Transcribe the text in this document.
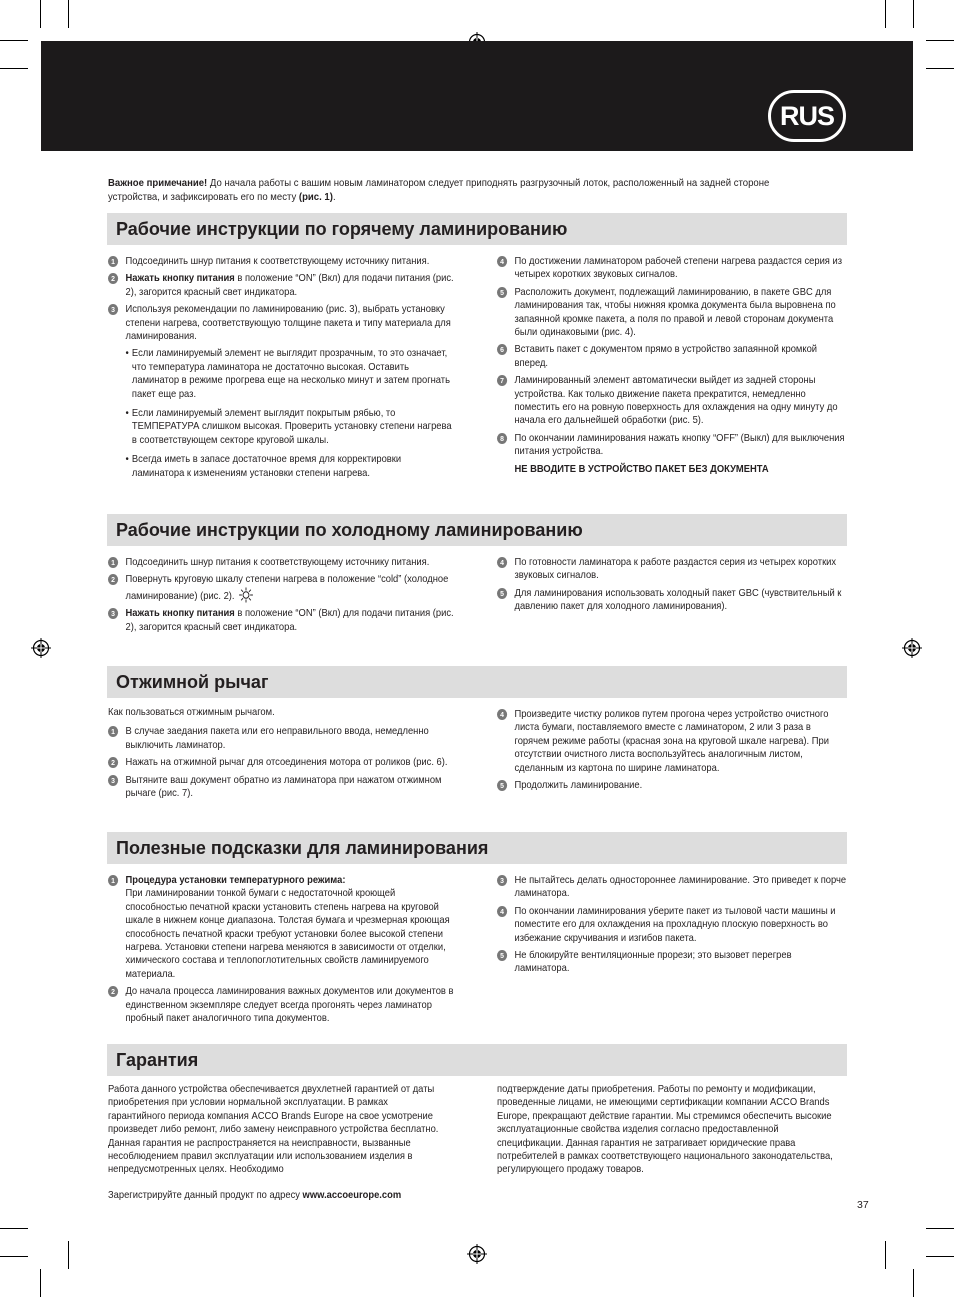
RUS
Важное примечание! До начала работы с вашим новым ламинатором следует приподнять разгрузочный лоток, расположенный на задней стороне устройства, и зафиксировать его по месту (рис. 1).
Рабочие инструкции по горячему ламинированию
1	Подсоединить шнур питания к соответствующему источнику питания.
2	Нажать кнопку питания в положение “ON” (Вкл) для подачи питания (рис. 2), загорится красный свет индикатора.
3	Используя рекомендации по ламинированию (рис. 3), выбрать установку степени нагрева, соответствующую толщине пакета и типу материала для ламинирования.
• Если ламинируемый элемент не выглядит прозрачным, то это означает, что температура ламинатора не достаточно высокая. Оставить ламинатор в режиме прогрева еще на несколько минут и затем прогнать пакет еще раз.
• Если ламинируемый элемент выглядит покрытым рябью, то ТЕМПЕРАТУРА слишком высокая. Проверить установку степени нагрева в соответствующем секторе круговой шкалы.
• Всегда иметь в запасе достаточное время для корректировки ламинатора к изменениям установки степени нагрева.
4	По достижении ламинатором рабочей степени нагрева раздастся серия из четырех коротких звуковых сигналов.
5	Расположить документ, подлежащий ламинированию, в пакете GBC для ламинирования так, чтобы нижняя кромка документа была выровнена по запаянной кромке пакета, а поля по правой и левой сторонам документа были одинаковыми (рис. 4).
6	Вставить пакет с документом прямо в устройство запаянной кромкой вперед.
7	Ламинированный элемент автоматически выйдет из задней стороны устройства. Как только движение пакета прекратится, немедленно поместить его на ровную поверхность для охлаждения на одну минуту до начала его дальнейшей обработки (рис. 5).
8	По окончании ламинирования нажать кнопку “OFF” (Выкл) для выключения питания устройства.
НЕ ВВОДИТЕ В УСТРОЙСТВО ПАКЕТ БЕЗ ДОКУМЕНТА
Рабочие инструкции по холодному ламинированию
1	Подсоединить шнур питания к соответствующему источнику питания.
2	Повернуть круговую шкалу степени нагрева в положение “cold” (холодное ламинирование) (рис. 2).
3	Нажать кнопку питания в положение “ON” (Вкл) для подачи питания (рис. 2), загорится красный свет индикатора.
4	По готовности ламинатора к работе раздастся серия из четырех коротких звуковых сигналов.
5	Для ламинирования использовать холодный пакет GBC (чувствительный к давлению пакет для холодного ламинирования).
Отжимной рычаг
Как пользоваться отжимным рычагом.
1	В случае заедания пакета или его неправильного ввода, немедленно выключить ламинатор.
2	Нажать на отжимной рычаг для отсоединения мотора от роликов (рис. 6).
3	Вытяните ваш документ обратно из ламинатора при нажатом отжимном рычаге (рис. 7).
4	Произведите чистку роликов путем прогона через устройство очистного листа бумаги, поставляемого вместе с ламинатором, 2 или 3 раза в горячем режиме работы (красная зона на круговой шкале нагрева). При отсутствии очистного листа воспользуйтесь аналогичным листом, сделанным из картона по ширине ламинатора.
5	Продолжить ламинирование.
Полезные подсказки для ламинирования
1	Процедура установки температурного режима:
При ламинировании тонкой бумаги с недостаточной кроющей способностью печатной краски установить степень нагрева на круговой шкале в нижнем конце диапазона. Толстая бумага и чрезмерная кроющая способность печатной краски требуют установки более высокой степени нагрева. Установки степени нагрева меняются в зависимости от отделки, химического состава и теплопоглотительных свойств ламинируемого материала.
2	До начала процесса ламинирования важных документов или документов в единственном экземпляре следует всегда прогонять через ламинатор пробный пакет аналогичного типа документов.
3	Не пытайтесь делать одностороннее ламинирование. Это приведет к порче ламинатора.
4	По окончании ламинирования уберите пакет из тыловой части машины и поместите его для охлаждения на прохладную плоскую поверхность во избежание скручивания и изгибов пакета.
5	Не блокируйте вентиляционные прорези; это вызовет перегрев ламинатора.
Гарантия
Работа данного устройства обеспечивается двухлетней гарантией от даты приобретения при условии нормальной эксплуатации. В рамках гарантийного периода компания ACCO Brands Europe на свое усмотрение произведет либо ремонт, либо замену неисправного устройства бесплатно. Данная гарантия не распространяется на неисправности, вызванные несоблюдением правил эксплуатации или использованием изделия в непредусмотренных целях. Необходимо
подтверждение даты приобретения. Работы по ремонту и модификации, проведенные лицами, не имеющими сертификации компании ACCO Brands Europe, прекращают действие гарантии. Мы стремимся обеспечить высокие эксплуатационные свойства изделия согласно предоставленной спецификации. Данная гарантия не затрагивает юридические права потребителей в рамках соответствующего национального законодательства, регулирующего продажу товаров.
Зарегистрируйте данный продукт по адресу www.accoeurope.com
37
